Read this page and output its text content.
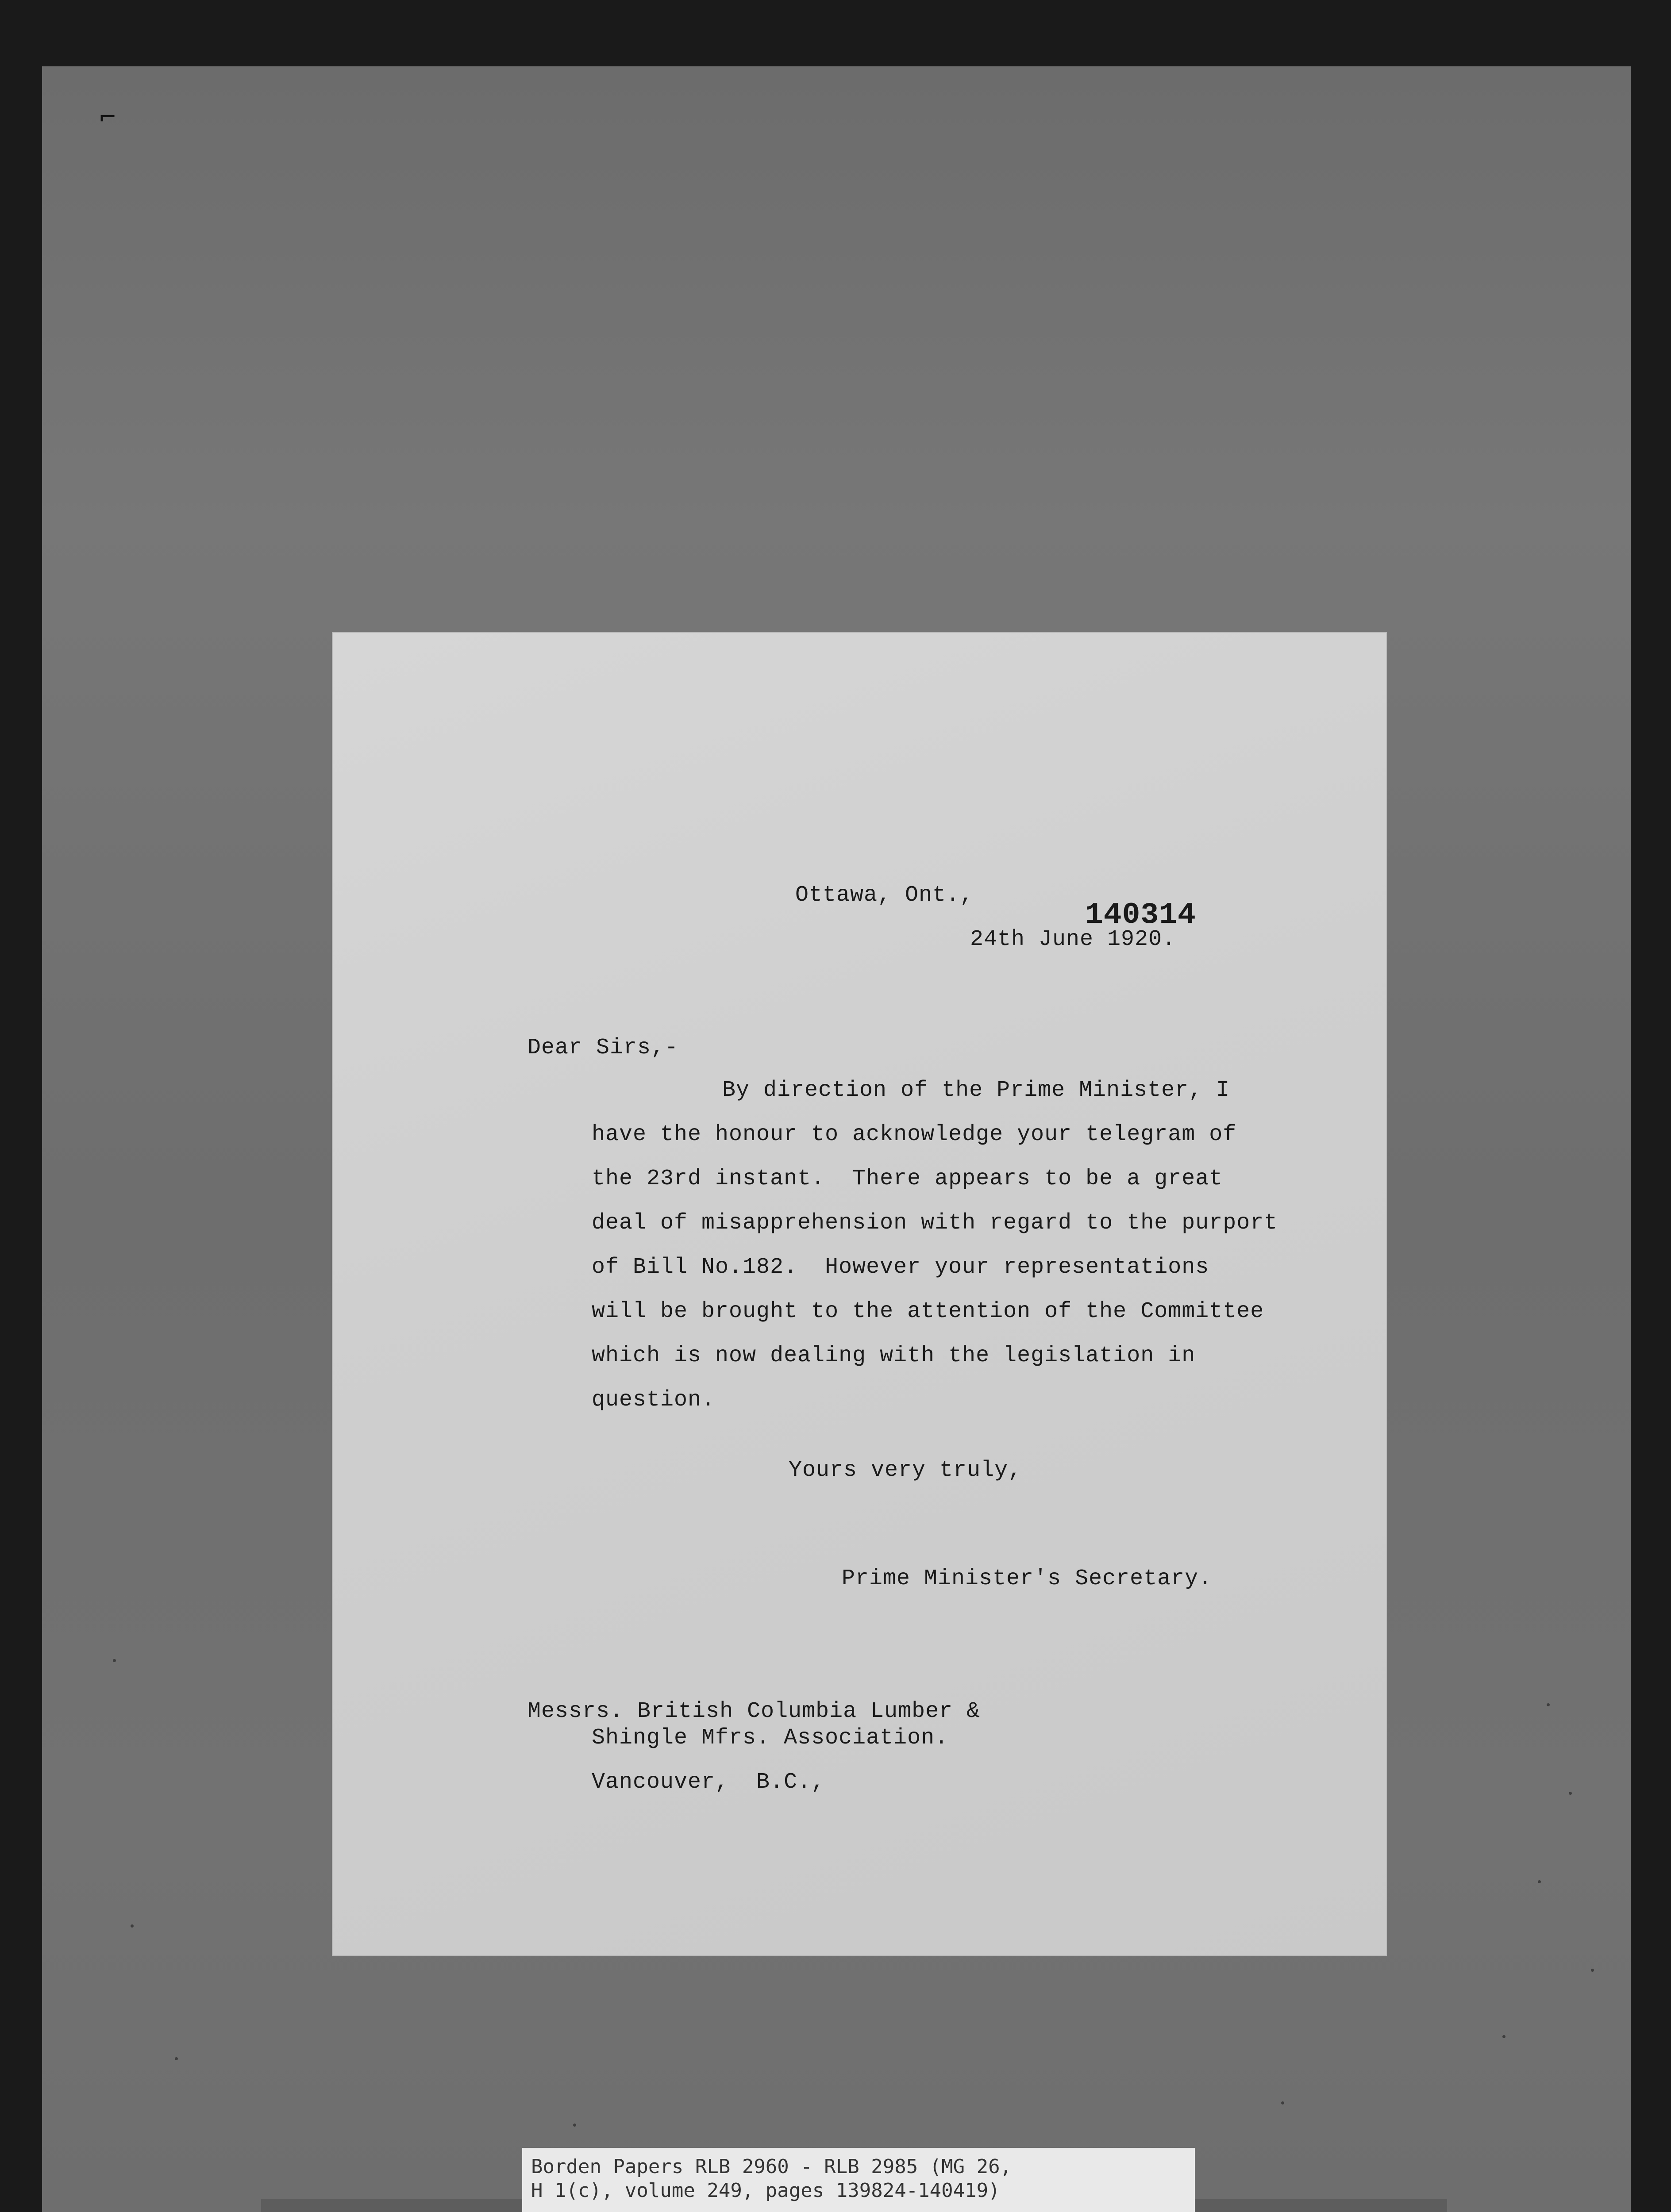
⌐
Ottawa, Ont.,
140314
24th June 1920.
Dear Sirs,-
By direction of the Prime Minister, I
have the honour to acknowledge your telegram of
the 23rd instant.  There appears to be a great
deal of misapprehension with regard to the purport
of Bill No.182.  However your representations
will be brought to the attention of the Committee
which is now dealing with the legislation in
question.
Yours very truly,
Prime Minister's Secretary.
Messrs. British Columbia Lumber &
Shingle Mfrs. Association.
Vancouver,  B.C.,
Borden Papers RLB 2960 - RLB 2985 (MG 26,
H 1(c), volume 249, pages 139824-140419)
